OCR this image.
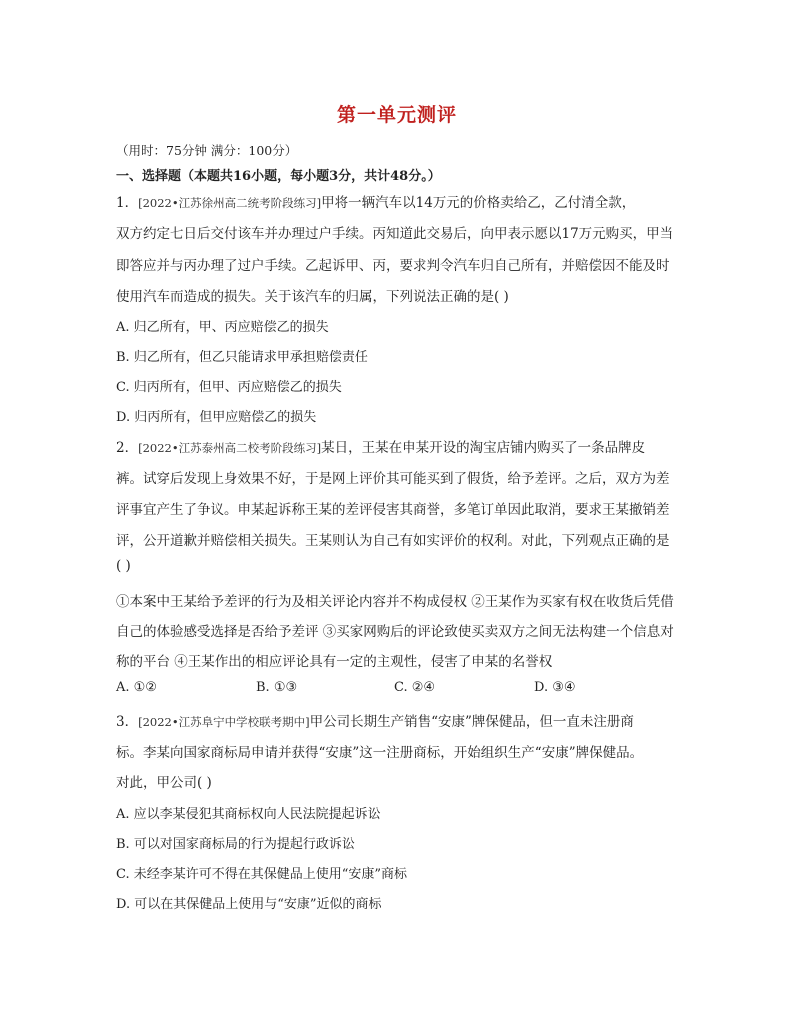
第一单元测评
（用时：75分钟 满分：100分）
一、选择题（本题共16小题，每小题3分，共计48分。）
1．[2022•江苏徐州高二统考阶段练习]甲将一辆汽车以14万元的价格卖给乙，乙付清全款，
双方约定七日后交付该车并办理过户手续。丙知道此交易后，向甲表示愿以17万元购买，甲当
即答应并与丙办理了过户手续。乙起诉甲、丙，要求判令汽车归自己所有，并赔偿因不能及时
使用汽车而造成的损失。关于该汽车的归属，下列说法正确的是( )
A. 归乙所有，甲、丙应赔偿乙的损失
B. 归乙所有，但乙只能请求甲承担赔偿责任
C. 归丙所有，但甲、丙应赔偿乙的损失
D. 归丙所有，但甲应赔偿乙的损失
2．[2022•江苏泰州高二校考阶段练习]某日，王某在申某开设的淘宝店铺内购买了一条品牌皮
裤。试穿后发现上身效果不好，于是网上评价其可能买到了假货，给予差评。之后，双方为差
评事宜产生了争议。申某起诉称王某的差评侵害其商誉，多笔订单因此取消，要求王某撤销差
评，公开道歉并赔偿相关损失。王某则认为自己有如实评价的权利。对此，下列观点正确的是
( )
①本案中王某给予差评的行为及相关评论内容并不构成侵权 ②王某作为买家有权在收货后凭借
自己的体验感受选择是否给予差评 ③买家网购后的评论致使买卖双方之间无法构建一个信息对
称的平台 ④王某作出的相应评论具有一定的主观性，侵害了申某的名誉权
A. ①②	B. ①③	C. ②④	D. ③④
3．[2022•江苏阜宁中学校联考期中]甲公司长期生产销售“安康”牌保健品，但一直未注册商
标。李某向国家商标局申请并获得“安康”这一注册商标，开始组织生产“安康”牌保健品。
对此，甲公司( )
A. 应以李某侵犯其商标权向人民法院提起诉讼
B. 可以对国家商标局的行为提起行政诉讼
C. 未经李某许可不得在其保健品上使用“安康”商标
D. 可以在其保健品上使用与“安康”近似的商标
